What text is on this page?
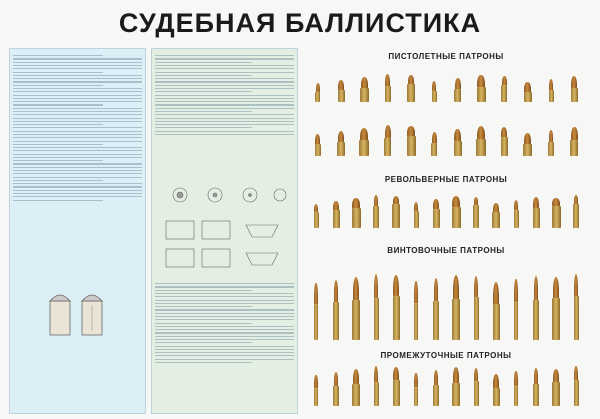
СУДЕБНАЯ БАЛЛИСТИКА
ПИСТОЛЕТНЫЕ ПАТРОНЫ
РЕВОЛЬВЕРНЫЕ ПАТРОНЫ
ВИНТОВОЧНЫЕ ПАТРОНЫ
ПРОМЕЖУТОЧНЫЕ ПАТРОНЫ
